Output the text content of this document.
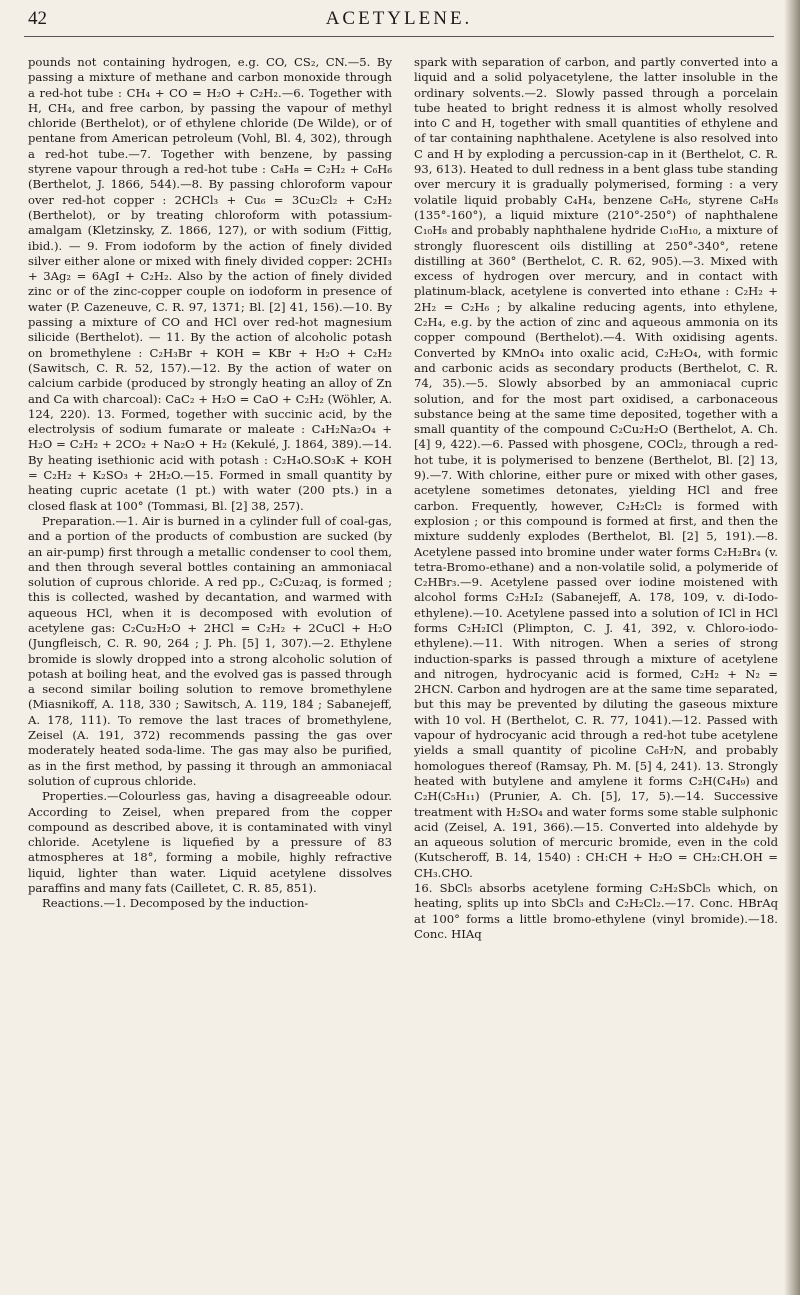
42	ACETYLENE.

pounds not containing hydrogen, e.g. CO, CS₂, CN.—5. By passing a mixture of methane and carbon monoxide through a red-hot tube : CH₄ + CO = H₂O + C₂H₂.—6. Together with H, CH₄, and free carbon, by passing the vapour of methyl chloride (Berthelot), or of ethylene chloride (De Wilde), or of pentane from American petroleum (Vohl, Bl. 4, 302), through a red-hot tube.—7. Together with benzene, by passing styrene vapour through a red-hot tube : C₈H₈ = C₂H₂ + C₆H₆ (Berthelot, J. 1866, 544).—8. By passing chloroform vapour over red-hot copper : 2CHCl₃ + Cu₆ = 3Cu₂Cl₂ + C₂H₂ (Berthelot), or by treating chloroform with potassium-amalgam (Kletzinsky, Z. 1866, 127), or with sodium (Fittig, ibid.). — 9. From iodoform by the action of finely divided silver either alone or mixed with finely divided copper: 2CHI₃ + 3Ag₂ = 6AgI + C₂H₂. Also by the action of finely divided zinc or of the zinc-copper couple on iodoform in presence of water (P. Cazeneuve, C. R. 97, 1371; Bl. [2] 41, 156).—10. By passing a mixture of CO and HCl over red-hot magnesium silicide (Berthelot). — 11. By the action of alcoholic potash on bromethylene : C₂H₃Br + KOH = KBr + H₂O + C₂H₂ (Sawitsch, C. R. 52, 157).—12. By the action of water on calcium carbide (produced by strongly heating an alloy of Zn and Ca with charcoal): CaC₂ + H₂O = CaO + C₂H₂ (Wöhler, A. 124, 220). 13. Formed, together with succinic acid, by the electrolysis of sodium fumarate or maleate : C₄H₂Na₂O₄ + H₂O = C₂H₂ + 2CO₂ + Na₂O + H₂ (Kekulé, J. 1864, 389).—14. By heating isethionic acid with potash : C₂H₄O.SO₃K + KOH = C₂H₂ + K₂SO₃ + 2H₂O.—15. Formed in small quantity by heating cupric acetate (1 pt.) with water (200 pts.) in a closed flask at 100° (Tommasi, Bl. [2] 38, 257).

Preparation.—1. Air is burned in a cylinder full of coal-gas, and a portion of the products of combustion are sucked (by an air-pump) first through a metallic condenser to cool them, and then through several bottles containing an ammoniacal solution of cuprous chloride. A red pp., C₂Cu₂aq, is formed ; this is collected, washed by decantation, and warmed with aqueous HCl, when it is decomposed with evolution of acetylene gas: C₂Cu₂H₂O + 2HCl = C₂H₂ + 2CuCl + H₂O (Jungfleisch, C. R. 90, 264 ; J. Ph. [5] 1, 307).—2. Ethylene bromide is slowly dropped into a strong alcoholic solution of potash at boiling heat, and the evolved gas is passed through a second similar boiling solution to remove bromethylene (Miasnikoff, A. 118, 330 ; Sawitsch, A. 119, 184 ; Sabanejeff, A. 178, 111). To remove the last traces of bromethylene, Zeisel (A. 191, 372) recommends passing the gas over moderately heated soda-lime. The gas may also be purified, as in the first method, by passing it through an ammoniacal solution of cuprous chloride.

Properties.—Colourless gas, having a disagreeable odour. According to Zeisel, when prepared from the copper compound as described above, it is contaminated with vinyl chloride. Acetylene is liquefied by a pressure of 83 atmospheres at 18°, forming a mobile, highly refractive liquid, lighter than water. Liquid acetylene dissolves paraffins and many fats (Cailletet, C. R. 85, 851).

Reactions.—1. Decomposed by the induction-

spark with separation of carbon, and partly converted into a liquid and a solid polyacetylene, the latter insoluble in the ordinary solvents.—2. Slowly passed through a porcelain tube heated to bright redness it is almost wholly resolved into C and H, together with small quantities of ethylene and of tar containing naphthalene. Acetylene is also resolved into C and H by exploding a percussion-cap in it (Berthelot, C. R. 93, 613). Heated to dull redness in a bent glass tube standing over mercury it is gradually polymerised, forming : a very volatile liquid probably C₄H₄, benzene C₆H₆, styrene C₈H₈ (135°-160°), a liquid mixture (210°-250°) of naphthalene C₁₀H₈ and probably naphthalene hydride C₁₀H₁₀, a mixture of strongly fluorescent oils distilling at 250°-340°, retene distilling at 360° (Berthelot, C. R. 62, 905).—3. Mixed with excess of hydrogen over mercury, and in contact with platinum-black, acetylene is converted into ethane : C₂H₂ + 2H₂ = C₂H₆ ; by alkaline reducing agents, into ethylene, C₂H₄, e.g. by the action of zinc and aqueous ammonia on its copper compound (Berthelot).—4. With oxidising agents. Converted by KMnO₄ into oxalic acid, C₂H₂O₄, with formic and carbonic acids as secondary products (Berthelot, C. R. 74, 35).—5. Slowly absorbed by an ammoniacal cupric solution, and for the most part oxidised, a carbonaceous substance being at the same time deposited, together with a small quantity of the compound C₂Cu₂H₂O (Berthelot, A. Ch. [4] 9, 422).—6. Passed with phosgene, COCl₂, through a red-hot tube, it is polymerised to benzene (Berthelot, Bl. [2] 13, 9).—7. With chlorine, either pure or mixed with other gases, acetylene sometimes detonates, yielding HCl and free carbon. Frequently, however, C₂H₂Cl₂ is formed with explosion ; or this compound is formed at first, and then the mixture suddenly explodes (Berthelot, Bl. [2] 5, 191).—8. Acetylene passed into bromine under water forms C₂H₂Br₄ (v. tetra-Bromo-ethane) and a non-volatile solid, a polymeride of C₂HBr₃.—9. Acetylene passed over iodine moistened with alcohol forms C₂H₂I₂ (Sabanejeff, A. 178, 109, v. di-Iodo-ethylene).—10. Acetylene passed into a solution of ICl in HCl forms C₂H₂ICl (Plimpton, C. J. 41, 392, v. Chloro-iodo-ethylene).—11. With nitrogen. When a series of strong induction-sparks is passed through a mixture of acetylene and nitrogen, hydrocyanic acid is formed, C₂H₂ + N₂ = 2HCN. Carbon and hydrogen are at the same time separated, but this may be prevented by diluting the gaseous mixture with 10 vol. H (Berthelot, C. R. 77, 1041).—12. Passed with vapour of hydrocyanic acid through a red-hot tube acetylene yields a small quantity of picoline C₆H₇N, and probably homologues thereof (Ramsay, Ph. M. [5] 4, 241). 13. Strongly heated with butylene and amylene it forms C₂H(C₄H₉) and C₂H(C₅H₁₁) (Prunier, A. Ch. [5], 17, 5).—14. Successive treatment with H₂SO₄ and water forms some stable sulphonic acid (Zeisel, A. 191, 366).—15. Converted into aldehyde by an aqueous solution of mercuric bromide, even in the cold (Kutscheroff, B. 14, 1540) : CH:CH + H₂O = CH₂:CH.OH = CH₃.CHO.

16. SbCl₅ absorbs acetylene forming C₂H₂SbCl₅ which, on heating, splits up into SbCl₃ and C₂H₂Cl₂.—17. Conc. HBrAq at 100° forms a little bromo-ethylene (vinyl bromide).—18. Conc. HIAq
